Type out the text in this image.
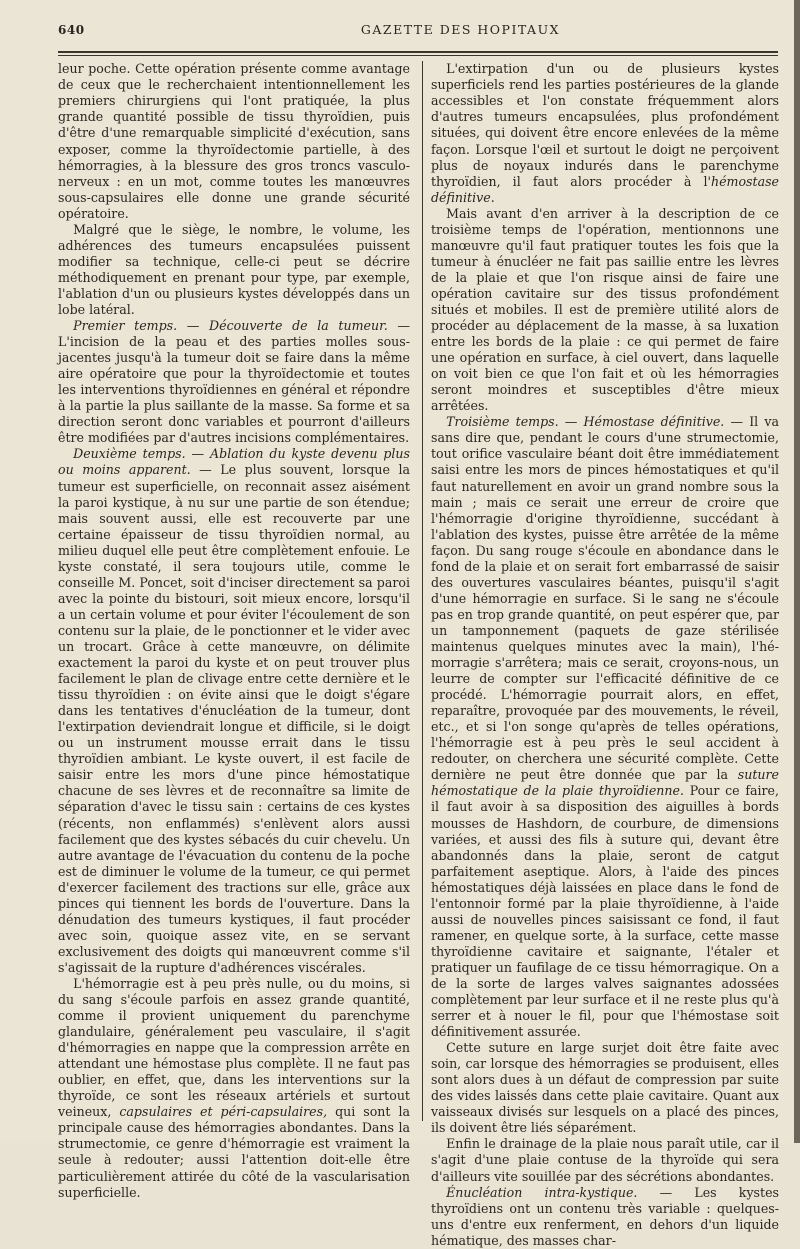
640	GAZETTE DES HOPITAUX

leur poche. Cette opération présente comme avantage de ceux que le recherchaient intentionnellement les premiers chirurgiens qui l'ont pratiquée, la plus grande quantité possible de tissu thyroïdien, puis d'être d'une remarquable simplicité d'exécution, sans exposer, comme la thyroïdectomie partielle, à des hémorragies, à la blessure des gros troncs vasculo-nerveux : en un mot, comme toutes les manœuvres sous-capsulaires elle donne une grande sécurité opératoire.

Malgré que le siège, le nombre, le volume, les adhérences des tumeurs encapsulées puissent modifier sa technique, celle-ci peut se décrire méthodiquement en prenant pour type, par exemple, l'ablation d'un ou plusieurs kystes développés dans un lobe latéral.

Premier temps. — Découverte de la tumeur. — L'incision de la peau et des parties molles sous-jacentes jusqu'à la tumeur doit se faire dans la même aire opératoire que pour la thyroïdectomie et toutes les interventions thyroïdiennes en général et répondre à la partie la plus saillante de la masse. Sa forme et sa direction seront donc variables et pourront d'ailleurs être modifiées par d'autres incisions complémentaires.

Deuxième temps. — Ablation du kyste devenu plus ou moins apparent. — Le plus souvent, lorsque la tumeur est superficielle, on reconnait assez aisément la paroi kystique, à nu sur une partie de son étendue; mais souvent aussi, elle est recouverte par une certaine épaisseur de tissu thyroïdien normal, au milieu duquel elle peut être complètement enfouie. Le kyste constaté, il sera toujours utile, comme le conseille M. Poncet, soit d'inciser directement sa paroi avec la pointe du bistouri, soit mieux encore, lorsqu'il a un certain volume et pour éviter l'écoulement de son contenu sur la plaie, de le ponctionner et le vider avec un trocart. Grâce à cette manœuvre, on délimite exactement la paroi du kyste et on peut trouver plus facilement le plan de clivage entre cette dernière et le tissu thyroïdien : on évite ainsi que le doigt s'égare dans les tentatives d'énucléation de la tumeur, dont l'extirpation deviendrait longue et difficile, si le doigt ou un instrument mousse errait dans le tissu thyroïdien ambiant. Le kyste ouvert, il est facile de saisir entre les mors d'une pince hémostatique chacune de ses lèvres et de reconnaître sa limite de séparation d'avec le tissu sain : certains de ces kystes (récents, non enflammés) s'enlèvent alors aussi facilement que des kystes sébacés du cuir chevelu. Un autre avantage de l'évacuation du contenu de la poche est de diminuer le volume de la tumeur, ce qui permet d'exercer facilement des tractions sur elle, grâce aux pinces qui tiennent les bords de l'ouverture. Dans la dénudation des tumeurs kystiques, il faut procéder avec soin, quoique assez vite, en se servant exclusivement des doigts qui manœuvrent comme s'il s'agissait de la rupture d'adhérences viscérales.

L'hémorragie est à peu près nulle, ou du moins, si du sang s'écoule parfois en assez grande quantité, comme il provient uniquement du parenchyme glandulaire, généralement peu vasculaire, il s'agit d'hémorragies en nappe que la compression arrête en attendant une hémostase plus complète. Il ne faut pas oublier, en effet, que, dans les interventions sur la thyroïde, ce sont les réseaux artériels et surtout veineux, capsulaires et péri-capsulaires, qui sont la principale cause des hémorragies abondantes. Dans la strumectomie, ce genre d'hémorragie est vraiment la seule à redouter; aussi l'attention doit-elle être particulièrement attirée du côté de la vascularisation superficielle.

L'extirpation d'un ou de plusieurs kystes superficiels rend les parties postérieures de la glande accessibles et l'on constate fréquemment alors d'autres tumeurs encapsulées, plus profondément situées, qui doivent être encore enlevées de la même façon. Lorsque l'œil et surtout le doigt ne perçoivent plus de noyaux indurés dans le parenchyme thyroïdien, il faut alors procéder à l'hémostase définitive.

Mais avant d'en arriver à la description de ce troisième temps de l'opération, mentionnons une manœuvre qu'il faut pratiquer toutes les fois que la tumeur à énucléer ne fait pas saillie entre les lèvres de la plaie et que l'on risque ainsi de faire une opération cavitaire sur des tissus profondément situés et mobiles. Il est de première utilité alors de procéder au déplacement de la masse, à sa luxation entre les bords de la plaie : ce qui permet de faire une opération en surface, à ciel ouvert, dans laquelle on voit bien ce que l'on fait et où les hémorragies seront moindres et susceptibles d'être mieux arrêtées.

Troisième temps. — Hémostase définitive. — Il va sans dire que, pendant le cours d'une strumectomie, tout orifice vasculaire béant doit être immédiatement saisi entre les mors de pinces hémostatiques et qu'il faut naturellement en avoir un grand nombre sous la main ; mais ce serait une erreur de croire que l'hémorragie d'origine thyroïdienne, succédant à l'ablation des kystes, puisse être arrêtée de la même façon. Du sang rouge s'écoule en abondance dans le fond de la plaie et on serait fort embarrassé de saisir des ouvertures vasculaires béantes, puisqu'il s'agit d'une hémorragie en surface. Si le sang ne s'écoule pas en trop grande quantité, on peut espérer que, par un tamponnement (paquets de gaze stérilisée maintenus quelques minutes avec la main), l'hémorragie s'arrêtera; mais ce serait, croyons-nous, un leurre de compter sur l'efficacité définitive de ce procédé. L'hémorragie pourrait alors, en effet, reparaître, provoquée par des mouvements, le réveil, etc., et si l'on songe qu'après de telles opérations, l'hémorragie est à peu près le seul accident à redouter, on cherchera une sécurité complète. Cette dernière ne peut être donnée que par la suture hémostatique de la plaie thyroïdienne. Pour ce faire, il faut avoir à sa disposition des aiguilles à bords mousses de Hashdorn, de courbure, de dimensions variées, et aussi des fils à suture qui, devant être abandonnés dans la plaie, seront de catgut parfaitement aseptique. Alors, à l'aide des pinces hémostatiques déjà laissées en place dans le fond de l'entonnoir formé par la plaie thyroïdienne, à l'aide aussi de nouvelles pinces saisissant ce fond, il faut ramener, en quelque sorte, à la surface, cette masse thyroïdienne cavitaire et saignante, l'étaler et pratiquer un faufilage de ce tissu hémorragique. On a de la sorte de larges valves saignantes adossées complètement par leur surface et il ne reste plus qu'à serrer et à nouer le fil, pour que l'hémostase soit définitivement assurée.

Cette suture en large surjet doit être faite avec soin, car lorsque des hémorragies se produisent, elles sont alors dues à un défaut de compression par suite des vides laissés dans cette plaie cavitaire. Quant aux vaisseaux divisés sur lesquels on a placé des pinces, ils doivent être liés séparément.

Enfin le drainage de la plaie nous paraît utile, car il s'agit d'une plaie contuse de la thyroïde qui sera d'ailleurs vite souillée par des sécrétions abondantes.

Énucléation intra-kystique. — Les kystes thyroïdiens ont un contenu très variable : quelques-uns d'entre eux renferment, en dehors d'un liquide hématique, des masses char-
